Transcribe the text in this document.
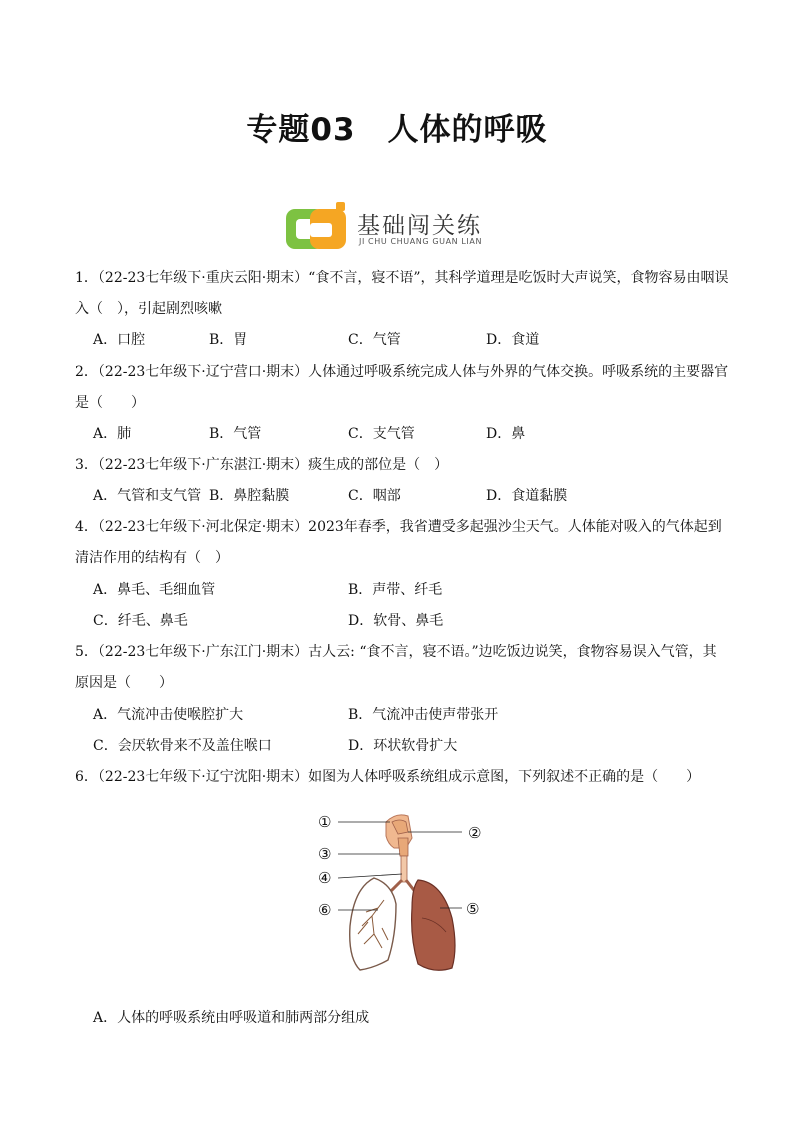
专题03　人体的呼吸
基础闯关练
JI CHU CHUANG GUAN LIAN
1．（22-23七年级下·重庆云阳·期末）“食不言，寝不语”，其科学道理是吃饭时大声说笑，食物容易由咽误
入（　），引起剧烈咳嗽
A．口腔	B．胃	C．气管	D．食道
2．（22-23七年级下·辽宁营口·期末）人体通过呼吸系统完成人体与外界的气体交换。呼吸系统的主要器官
是（　　）
A．肺	B．气管	C．支气管	D．鼻
3．（22-23七年级下·广东湛江·期末）痰生成的部位是（　）
A．气管和支气管 B．鼻腔黏膜	C．咽部	D．食道黏膜
4．（22-23七年级下·河北保定·期末）2023年春季，我省遭受多起强沙尘天气。人体能对吸入的气体起到
清洁作用的结构有（　）
A．鼻毛、毛细血管	B．声带、纤毛
C．纤毛、鼻毛	D．软骨、鼻毛
5．（22-23七年级下·广东江门·期末）古人云: “食不言，寝不语。”边吃饭边说笑，食物容易误入气管，其
原因是（　　）
A．气流冲击使喉腔扩大	B．气流冲击使声带张开
C．会厌软骨来不及盖住喉口	D．环状软骨扩大
6．（22-23七年级下·辽宁沈阳·期末）如图为人体呼吸系统组成示意图，下列叙述不正确的是（　　）
①
②
③
④
⑤
⑥
A．人体的呼吸系统由呼吸道和肺两部分组成
